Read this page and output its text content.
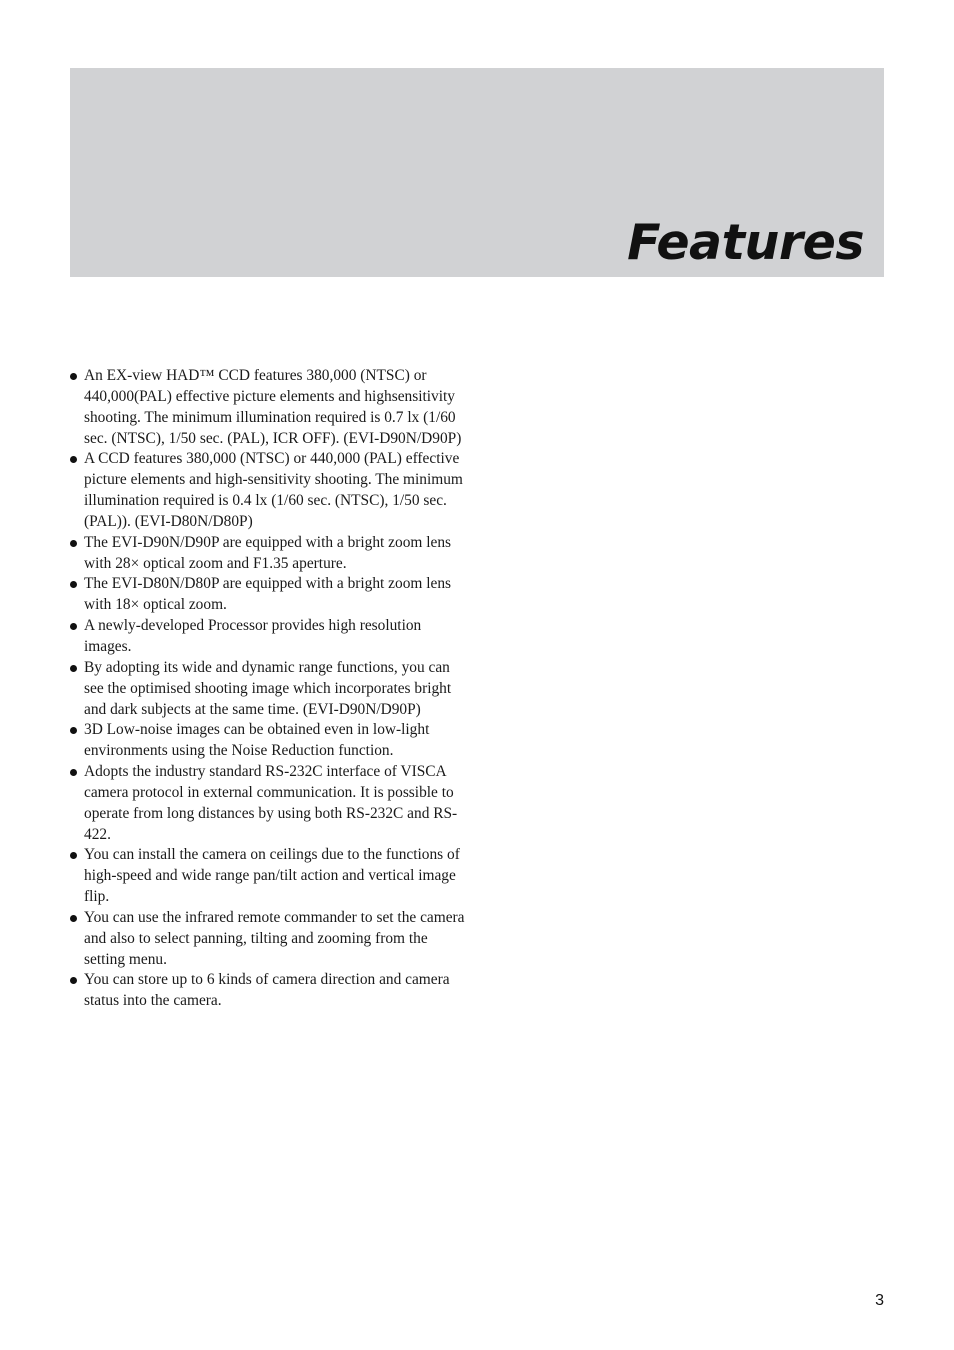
Features
An EX-view HAD™ CCD features 380,000 (NTSC) or 440,000(PAL) effective picture elements and highsensitivity shooting. The minimum illumination required is 0.7 lx (1/60 sec. (NTSC), 1/50 sec. (PAL), ICR OFF). (EVI-D90N/D90P)
A CCD features 380,000 (NTSC) or 440,000 (PAL) effective picture elements and high-sensitivity shooting. The minimum illumination required is 0.4 lx (1/60 sec. (NTSC), 1/50 sec. (PAL)). (EVI-D80N/D80P)
The EVI-D90N/D90P are equipped with a bright zoom lens with 28× optical zoom and F1.35 aperture.
The EVI-D80N/D80P are equipped with a bright zoom lens with 18× optical zoom.
A newly-developed Processor provides high resolution images.
By adopting its wide and dynamic range functions, you can see the optimised shooting image which incorporates bright and dark subjects at the same time. (EVI-D90N/D90P)
3D Low-noise images can be obtained even in low-light environments using the Noise Reduction function.
Adopts the industry standard RS-232C interface of VISCA camera protocol in external communication. It is possible to operate from long distances by using both RS-232C and RS-422.
You can install the camera on ceilings due to the functions of high-speed and wide range pan/tilt action and vertical image flip.
You can use the infrared remote commander to set the camera and also to select panning, tilting and zooming from the setting menu.
You can store up to 6 kinds of camera direction and camera status into the camera.
3
